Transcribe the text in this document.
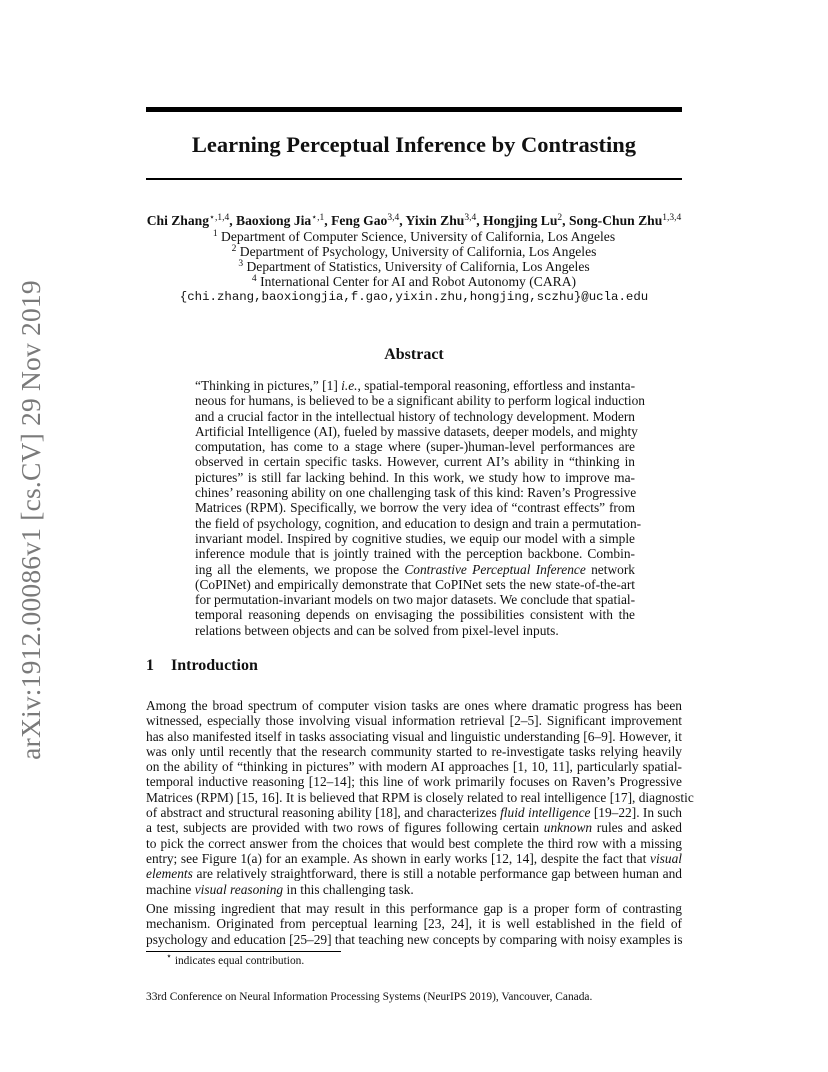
arXiv:1912.00086v1 [cs.CV] 29 Nov 2019
Learning Perceptual Inference by Contrasting
Chi Zhang$^{⋆,1,4}$, Baoxiong Jia$^{⋆,1}$, Feng Gao$^{3,4}$, Yixin Zhu$^{3,4}$, Hongjing Lu$^2$, Song-Chun Zhu$^{1,3,4}$
$^1$ Department of Computer Science, University of California, Los Angeles
$^2$ Department of Psychology, University of California, Los Angeles
$^3$ Department of Statistics, University of California, Los Angeles
$^4$ International Center for AI and Robot Autonomy (CARA)
{chi.zhang,baoxiongjia,f.gao,yixin.zhu,hongjing,sczhu}@ucla.edu
Abstract
“Thinking in pictures,” [1] i.e., spatial-temporal reasoning, effortless and instanta-
neous for humans, is believed to be a significant ability to perform logical induction
and a crucial factor in the intellectual history of technology development. Modern
Artificial Intelligence (AI), fueled by massive datasets, deeper models, and mighty
computation, has come to a stage where (super-)human-level performances are
observed in certain specific tasks. However, current AI’s ability in “thinking in
pictures” is still far lacking behind. In this work, we study how to improve ma-
chines’ reasoning ability on one challenging task of this kind: Raven’s Progressive
Matrices (RPM). Specifically, we borrow the very idea of “contrast effects” from
the field of psychology, cognition, and education to design and train a permutation-
invariant model. Inspired by cognitive studies, we equip our model with a simple
inference module that is jointly trained with the perception backbone. Combin-
ing all the elements, we propose the Contrastive Perceptual Inference network
(CoPINet) and empirically demonstrate that CoPINet sets the new state-of-the-art
for permutation-invariant models on two major datasets. We conclude that spatial-
temporal reasoning depends on envisaging the possibilities consistent with the
relations between objects and can be solved from pixel-level inputs.
1 Introduction
Among the broad spectrum of computer vision tasks are ones where dramatic progress has been
witnessed, especially those involving visual information retrieval [2–5]. Significant improvement
has also manifested itself in tasks associating visual and linguistic understanding [6–9]. However, it
was only until recently that the research community started to re-investigate tasks relying heavily
on the ability of “thinking in pictures” with modern AI approaches [1, 10, 11], particularly spatial-
temporal inductive reasoning [12–14]; this line of work primarily focuses on Raven’s Progressive
Matrices (RPM) [15, 16]. It is believed that RPM is closely related to real intelligence [17], diagnostic
of abstract and structural reasoning ability [18], and characterizes fluid intelligence [19–22]. In such
a test, subjects are provided with two rows of figures following certain unknown rules and asked
to pick the correct answer from the choices that would best complete the third row with a missing
entry; see Figure 1(a) for an example. As shown in early works [12, 14], despite the fact that visual
elements are relatively straightforward, there is still a notable performance gap between human and
machine visual reasoning in this challenging task.
One missing ingredient that may result in this performance gap is a proper form of contrasting
mechanism. Originated from perceptual learning [23, 24], it is well established in the field of
psychology and education [25–29] that teaching new concepts by comparing with noisy examples is
⋆ indicates equal contribution.
33rd Conference on Neural Information Processing Systems (NeurIPS 2019), Vancouver, Canada.
